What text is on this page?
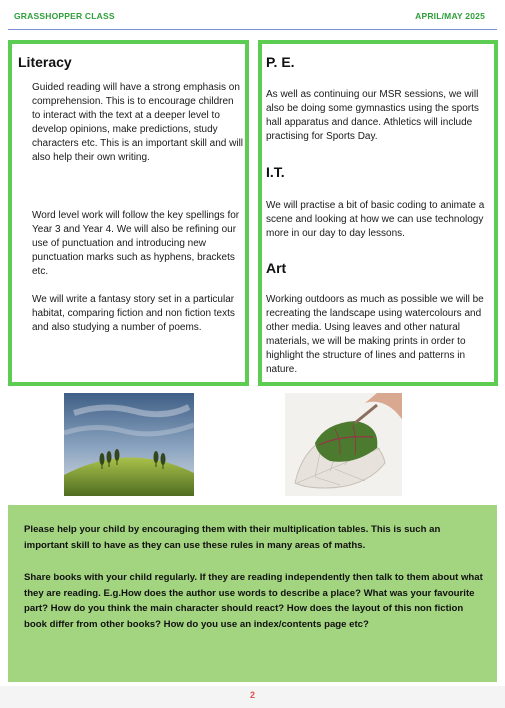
GRASSHOPPER CLASS	APRIL/MAY 2025
Literacy

Guided reading will have a strong emphasis on comprehension. This is to encourage children to interact with the text at a deeper level to develop opinions, make predictions, study characters etc. This is an important skill and will also help their own writing.

Word level work will follow the key spellings for Year 3 and Year 4. We will also be refining our use of punctuation and introducing new punctuation marks such as hyphens, brackets etc.

We will write a fantasy story set in a particular habitat, comparing fiction and non fiction texts and also studying a number of poems.

P. E.

As well as continuing our MSR sessions, we will also be doing some gymnastics using the sports hall apparatus and dance. Athletics will include practising for Sports Day.

I.T.

We will practise a bit of basic coding to animate a scene and looking at how we can use technology more in our day to day lessons.

Art

Working outdoors as much as possible we will be recreating the landscape using watercolours and other media. Using leaves and other natural materials, we will be making prints in order to highlight the structure of lines and patterns in nature.

Please help your child by encouraging them with their multiplication tables. This is such an important skill to have as they can use these rules in many areas of maths.

Share books with your child regularly. If they are reading independently then talk to them about what they are reading. E.g.How does the author use words to describe a place? What was your favourite part? How do you think the main character should react? How does the layout of this non fiction book differ from other books? How do you use an index/contents page etc?

2
